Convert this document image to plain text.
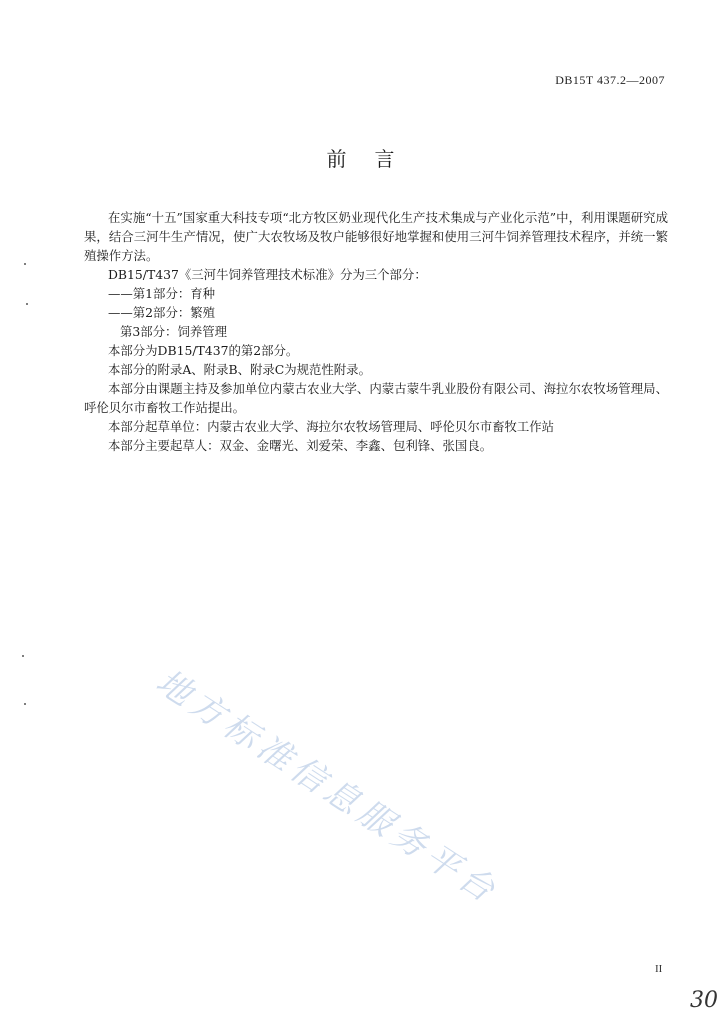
DB15T 437.2—2007
前言

在实施“十五”国家重大科技专项“北方牧区奶业现代化生产技术集成与产业化示范”中，利用课题研究成果，结合三河牛生产情况，使广大农牧场及牧户能够很好地掌握和使用三河牛饲养管理技术程序，并统一繁殖操作方法。

DB15/T437《三河牛饲养管理技术标准》分为三个部分：

——第1部分：育种

——第2部分：繁殖

第3部分：饲养管理

本部分为DB15/T437的第2部分。

本部分的附录A、附录B、附录C为规范性附录。

本部分由课题主持及参加单位内蒙古农业大学、内蒙古蒙牛乳业股份有限公司、海拉尔农牧场管理局、呼伦贝尔市畜牧工作站提出。

本部分起草单位：内蒙古农业大学、海拉尔农牧场管理局、呼伦贝尔市畜牧工作站

本部分主要起草人：双金、金曙光、刘爱荣、李鑫、包利锋、张国良。

地方标准信息服务平台
II
30
